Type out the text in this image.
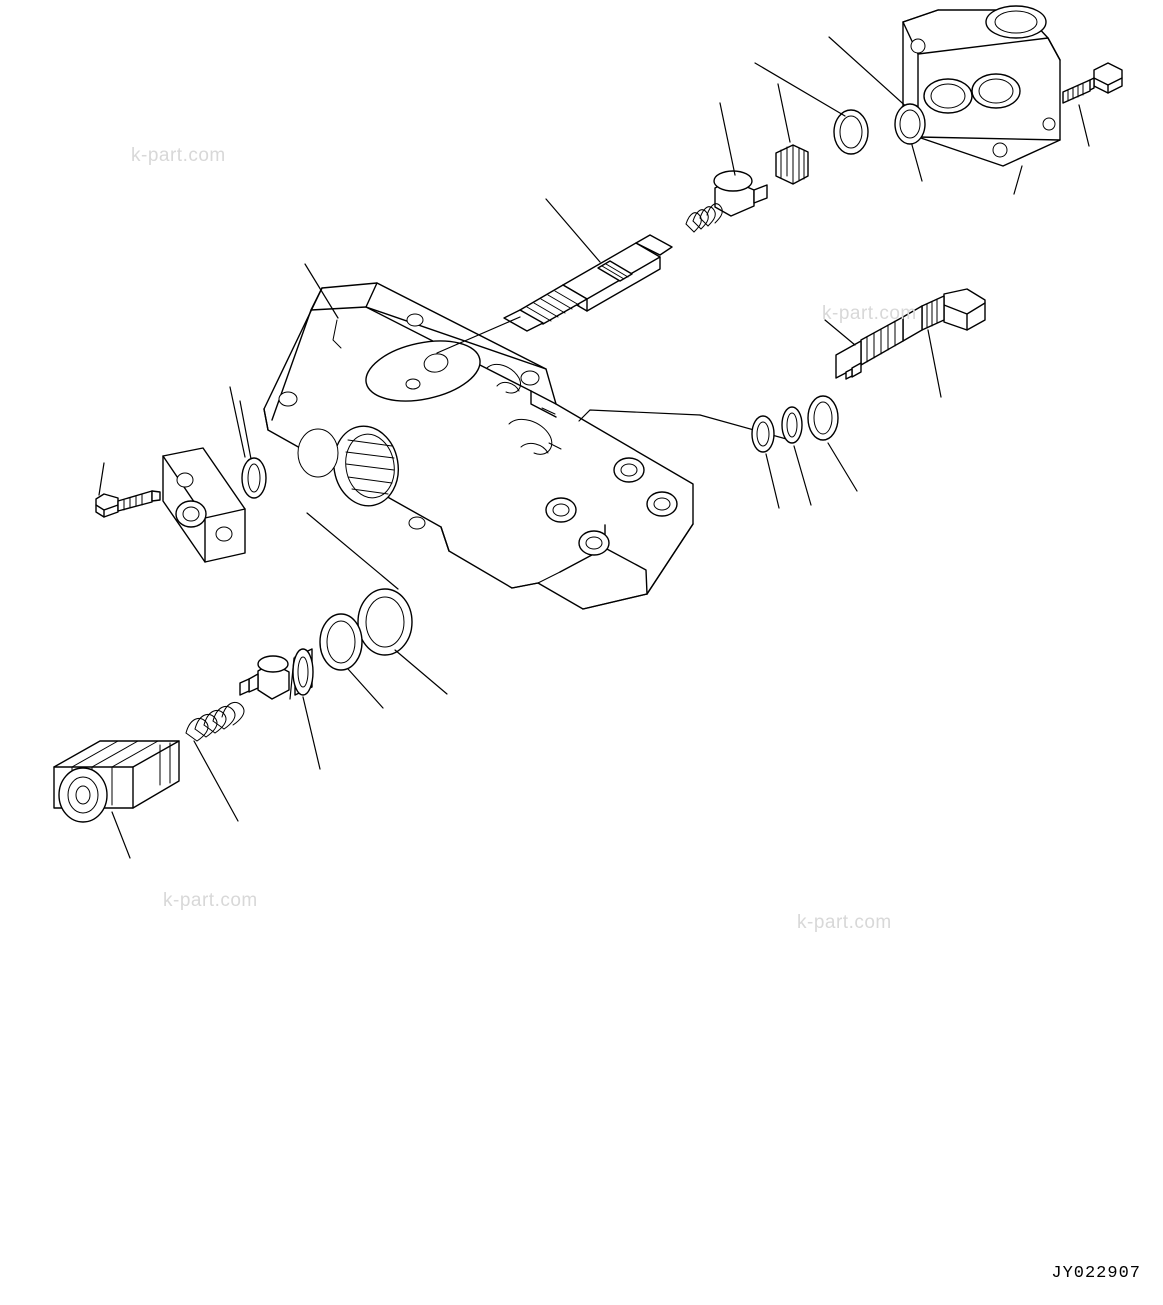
k-part.com
k-part.com
k-part.com
k-part.com
JY022907
